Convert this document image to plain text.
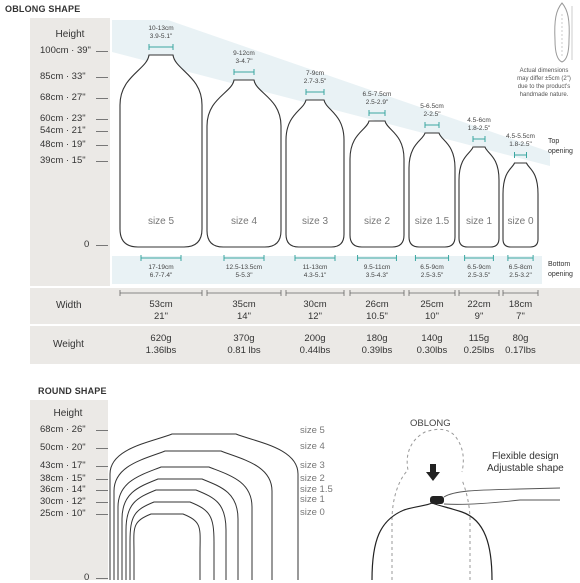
OBLONG SHAPE
Height
100cm · 39"
85cm · 33"
68cm · 27"
60cm · 23"
54cm · 21"
48cm · 19"
39cm · 15"
0
10-13cm
3.9-5.1"
17-19cm
6.7-7.4"
size 5
9-12cm
3-4.7"
12.5-13.5cm
5-5.3"
size 4
7-9cm
2.7-3.5"
11-13cm
4.3-5.1"
size 3
6.5-7.5cm
2.5-2.9"
9.5-11cm
3.5-4.3"
size 2
5-6.5cm
2-2.5"
6.5-9cm
2.5-3.5"
size 1.5
4.5-6cm
1.8-2.5"
6.5-9cm
2.5-3.5"
size 1
4.5-5.5cm
1.8-2.5"
6.5-8cm
2.5-3.2"
size 0
Top
opening
Bottom
opening
Actual dimensions
may differ ±5cm (2")
due to the product's
handmade nature.
Width
Weight
53cm
21"
620g
1.36lbs
35cm
14"
370g
0.81 lbs
30cm
12"
200g
0.44lbs
26cm
10.5"
180g
0.39lbs
25cm
10"
140g
0.30lbs
22cm
9"
115g
0.25lbs
18cm
7"
80g
0.17lbs
ROUND SHAPE
Height
68cm · 26"
50cm · 20"
43cm · 17"
38cm · 15"
36cm · 14"
30cm · 12"
25cm · 10"
0
size 5
size 4
size 3
size 2
size 1.5
size 1
size 0
OBLONG
Flexible design
Adjustable shape
